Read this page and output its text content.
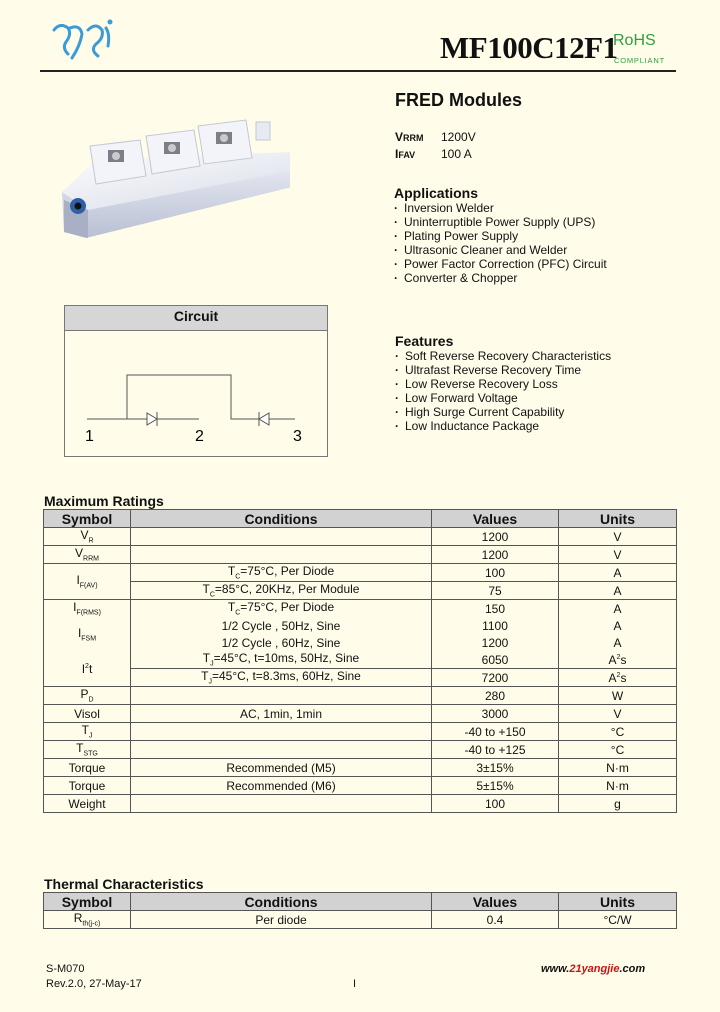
MF100C12F1
RoHS
COMPLIANT
FRED Modules
VRRM 1200V
IFAV 100 A
Applications
· Inversion Welder
· Uninterruptible Power Supply (UPS)
· Plating Power Supply
· Ultrasonic Cleaner and Welder
· Power Factor Correction (PFC) Circuit
· Converter & Chopper
Features
· Soft Reverse Recovery Characteristics
· Ultrafast Reverse Recovery Time
· Low Reverse Recovery Loss
· Low Forward Voltage
· High Surge Current Capability
· Low Inductance Package
Circuit
1	2	3
Maximum Ratings
Symbol	Conditions	Values	Units
$V_R$		1200	V
$V_{RRM}$		1200	V
$I_{F(AV)}$	$T_C=75^\circ C$, Per Diode	100	A
	$T_C=85^\circ C$, 20KHz, Per Module	75	A
$I_{F(RMS)}$	$T_C=75^\circ C$, Per Diode	150	A
$I_{FSM}$	1/2 Cycle , 50Hz, Sine	1100	A
	1/2 Cycle , 60Hz, Sine	1200	A
$I^2t$	$T_J=45^\circ C$, t=10ms, 50Hz, Sine	6050	$A^2s$
	$T_J=45^\circ C$, t=8.3ms, 60Hz, Sine	7200	$A^2s$
$P_D$		280	W
Visol	AC, 1min, 1min	3000	V
$T_J$		-40 to +150	°C
$T_{STG}$		-40 to +125	°C
Torque	Recommended (M5)	3±15%	N·m
Torque	Recommended (M6)	5±15%	N·m
Weight		100	g
Thermal Characteristics
Symbol	Conditions	Values	Units
$R_{th(j-c)}$	Per diode	0.4	°C/W
S-M070
Rev.2.0, 27-May-17	I
www.21yangjie.com
